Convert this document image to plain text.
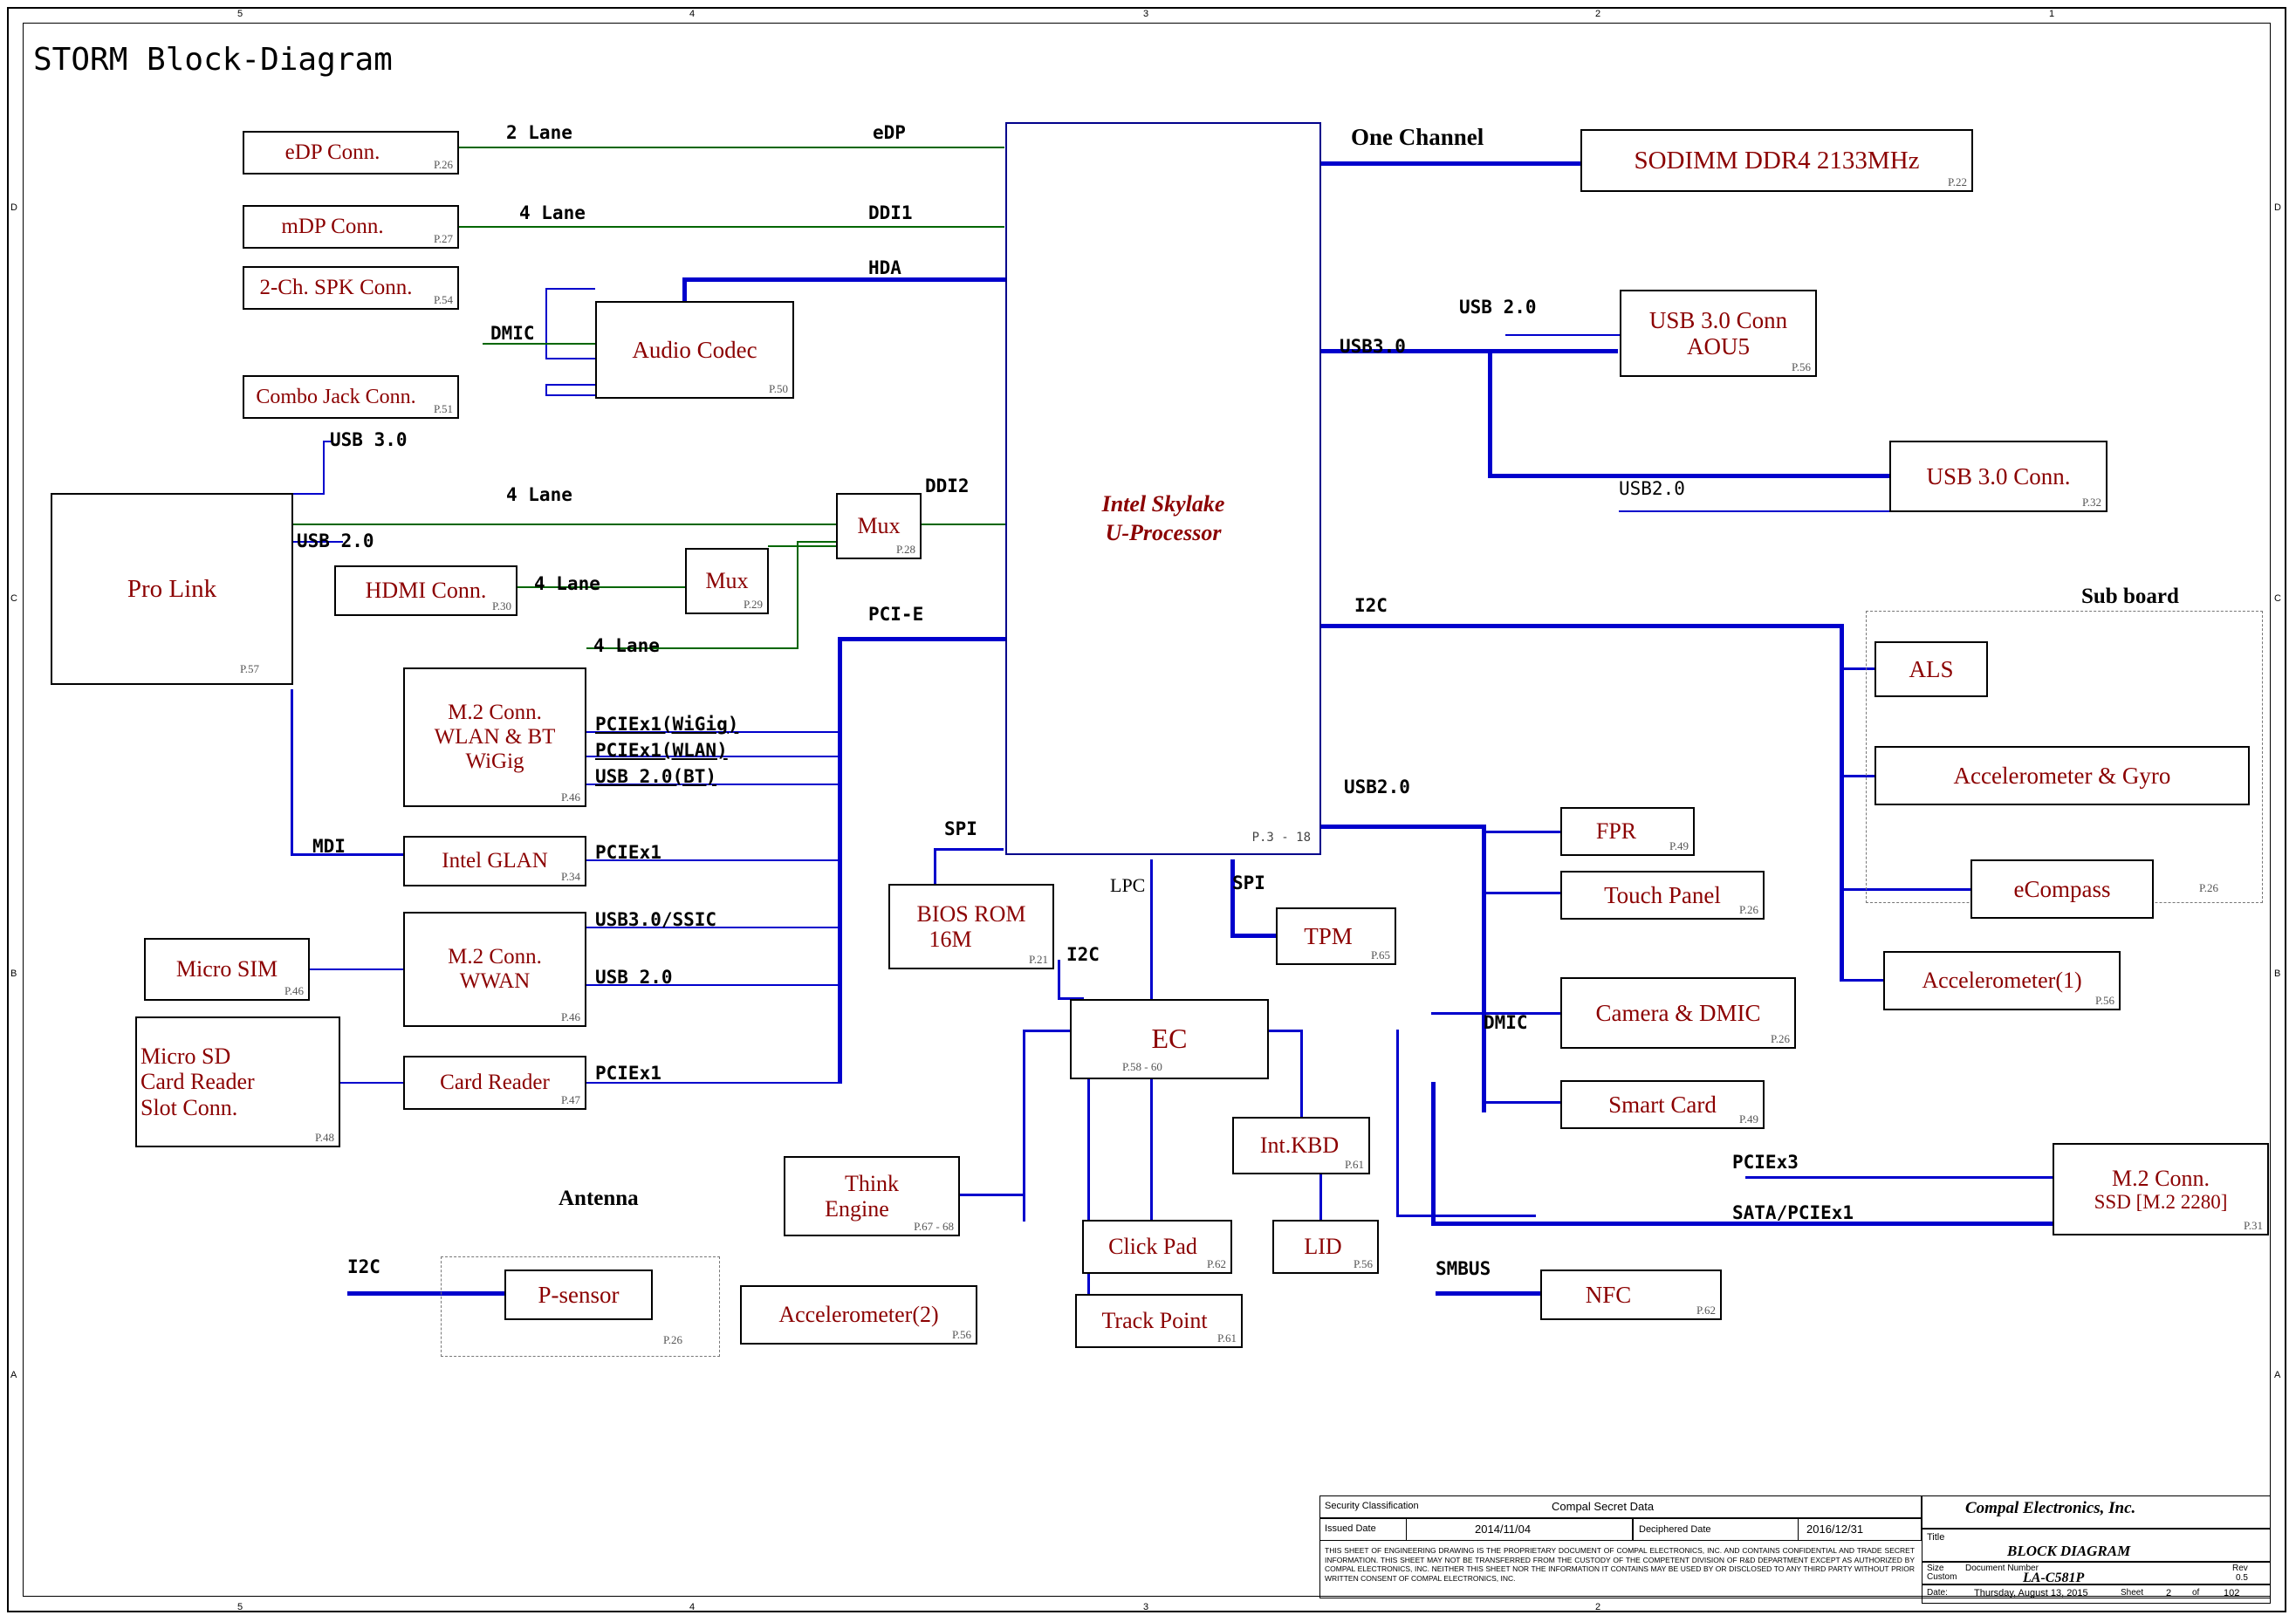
5	4	3	2	1
5	4	3	2
D
C
B
A
D
C
B
A
STORM Block-Diagram
Sub board
P.26
Antenna
P.26
Intel Skylake
U-Processor
P.3 - 18
eDP Conn.
P.26
mDP Conn.
P.27
2-Ch. SPK Conn.
P.54
Combo Jack Conn.
P.51
Audio Codec
P.50
SODIMM DDR4 2133MHz
P.22
USB 3.0 Conn
AOU5
P.56
USB 3.0 Conn.
P.32
Pro Link
P.57
HDMI Conn.
P.30
Mux
P.28
Mux
P.29
M.2 Conn.
WLAN & BT
WiGig
P.46
Intel GLAN
P.34
Micro SIM
P.46
M.2 Conn.
WWAN
P.46
Micro SD
Card Reader
Slot Conn.
P.48
Card Reader
P.47
BIOS ROM
16M
P.21
TPM
P.65
EC
P.58 - 60
Think
Engine
P.67 - 68
Accelerometer(2)
P.56
Click Pad
P.62
Track Point
P.61
Int.KBD
P.61
LID
P.56
FPR
P.49
Touch Panel
P.26
Camera & DMIC
P.26
Smart Card
P.49
ALS
Accelerometer & Gyro
eCompass
Accelerometer(1)
P.56
M.2 Conn.
SSD [M.2 2280]
P.31
NFC
P.62
P-sensor
2 Lane	eDP
4 Lane	DDI1
HDA
DMIC
One Channel
USB 2.0
USB3.0
USB2.0
USB 3.0
USB 2.0
4 Lane	DDI2
4 Lane
4 Lane
PCI-E
PCIEx1(WiGig)
PCIEx1(WLAN)
USB 2.0(BT)
MDI	PCIEx1
USB3.0/SSIC
USB 2.0
PCIEx1
SPI
LPC	SPI
I2C
I2C
USB2.0
DMIC
PCIEx3
SATA/PCIEx1
SMBUS
I2C
Security Classification	Compal Secret Data
Issued Date	2014/11/04	Deciphered Date	2016/12/31
THIS SHEET OF ENGINEERING DRAWING IS THE PROPRIETARY DOCUMENT OF COMPAL ELECTRONICS, INC. AND CONTAINS CONFIDENTIAL AND TRADE SECRET INFORMATION. THIS SHEET MAY NOT BE TRANSFERRED FROM THE CUSTODY OF THE COMPETENT DIVISION OF R&D DEPARTMENT EXCEPT AS AUTHORIZED BY COMPAL ELECTRONICS, INC. NEITHER THIS SHEET NOR THE INFORMATION IT CONTAINS MAY BE USED BY OR DISCLOSED TO ANY THIRD PARTY WITHOUT PRIOR WRITTEN CONSENT OF COMPAL ELECTRONICS, INC.
Compal Electronics, Inc.
Title
BLOCK DIAGRAM
Size
Custom
Document Number
LA-C581P
Rev
0.5
Date:	Thursday, August 13, 2015	Sheet 2 of	102
